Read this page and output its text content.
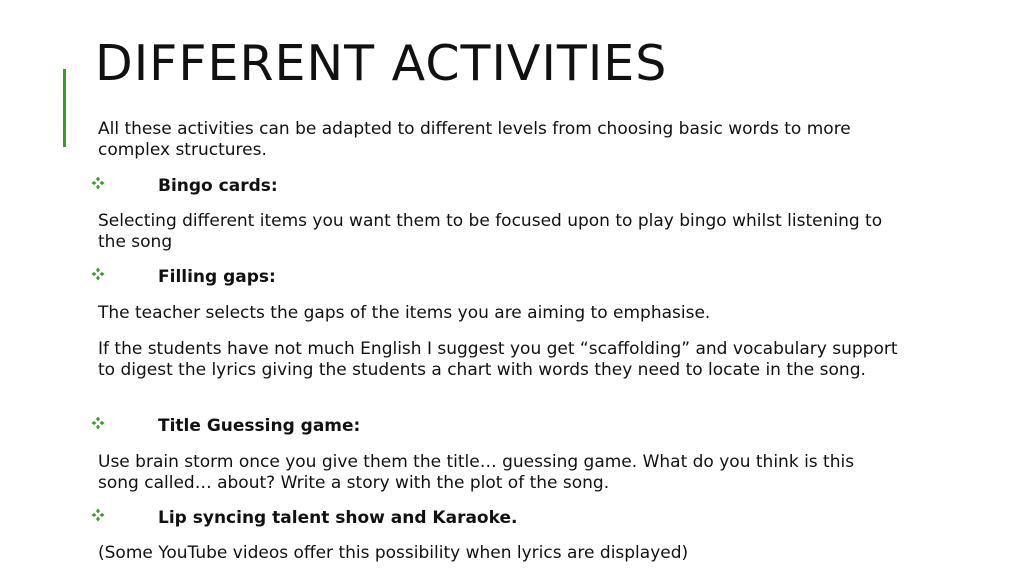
DIFFERENT ACTIVITIES

All these activities can be adapted to different levels from choosing basic words to more complex structures.

Bingo cards:

Selecting different items you want them to be focused upon to play bingo whilst listening to the song

Filling gaps:

The teacher selects the gaps of the items you are aiming to emphasise.

If the students have not much English I suggest you get “scaffolding” and vocabulary support to digest the lyrics giving the students a chart with words they need to locate in the song.

Title Guessing game:

Use brain storm once you give them the title… guessing game. What do you think is this song called… about? Write a story with the plot of the song.

Lip syncing talent show and Karaoke.

(Some YouTube videos offer this possibility when lyrics are displayed)
